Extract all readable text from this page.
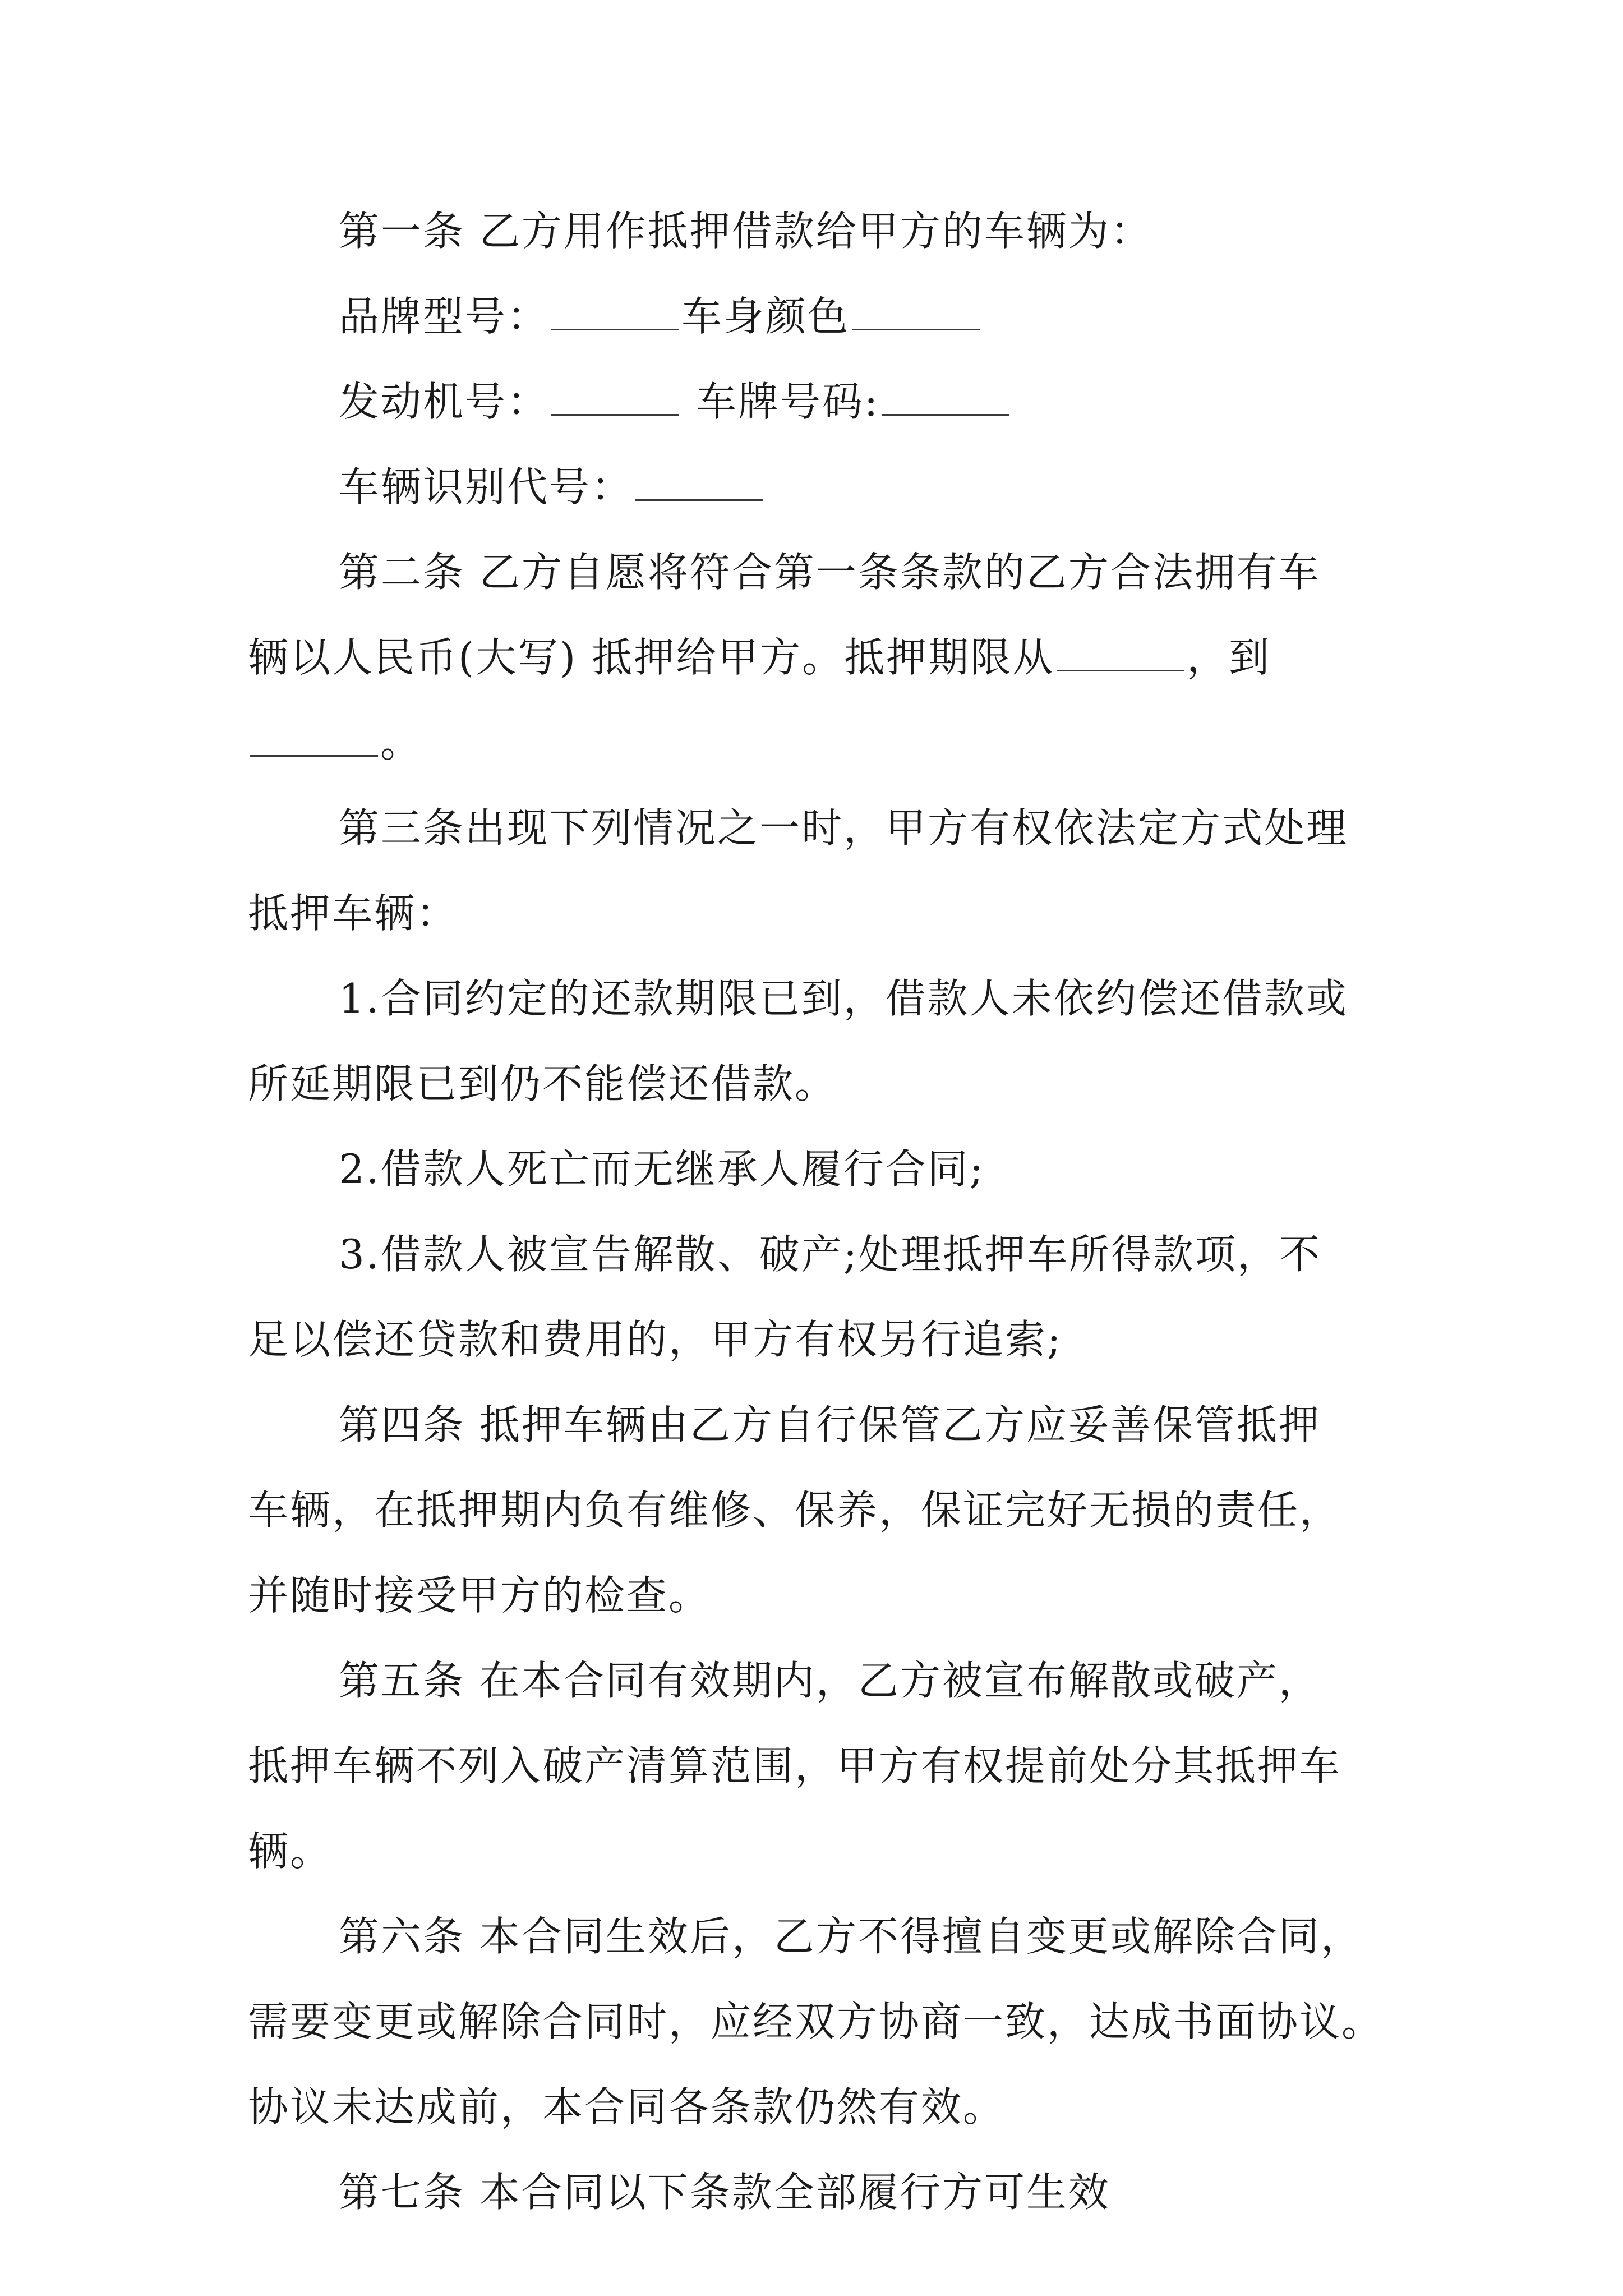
第一条 乙方用作抵押借款给甲方的车辆为：
品牌型号：	车身颜色
发动机号：	车牌号码:
车辆识别代号：
第二条 乙方自愿将符合第一条条款的乙方合法拥有车
辆以人民币(大写) 抵押给甲方。抵押期限从	，到
。
第三条出现下列情况之一时，甲方有权依法定方式处理
抵押车辆：
1.合同约定的还款期限已到，借款人未依约偿还借款或
所延期限已到仍不能偿还借款。
2.借款人死亡而无继承人履行合同;
3.借款人被宣告解散、破产;处理抵押车所得款项，不
足以偿还贷款和费用的，甲方有权另行追索;
第四条 抵押车辆由乙方自行保管乙方应妥善保管抵押
车辆，在抵押期内负有维修、保养，保证完好无损的责任，
并随时接受甲方的检查。
第五条 在本合同有效期内，乙方被宣布解散或破产，
抵押车辆不列入破产清算范围，甲方有权提前处分其抵押车
辆。
第六条 本合同生效后，乙方不得擅自变更或解除合同，
需要变更或解除合同时，应经双方协商一致，达成书面协议。
协议未达成前，本合同各条款仍然有效。
第七条 本合同以下条款全部履行方可生效
